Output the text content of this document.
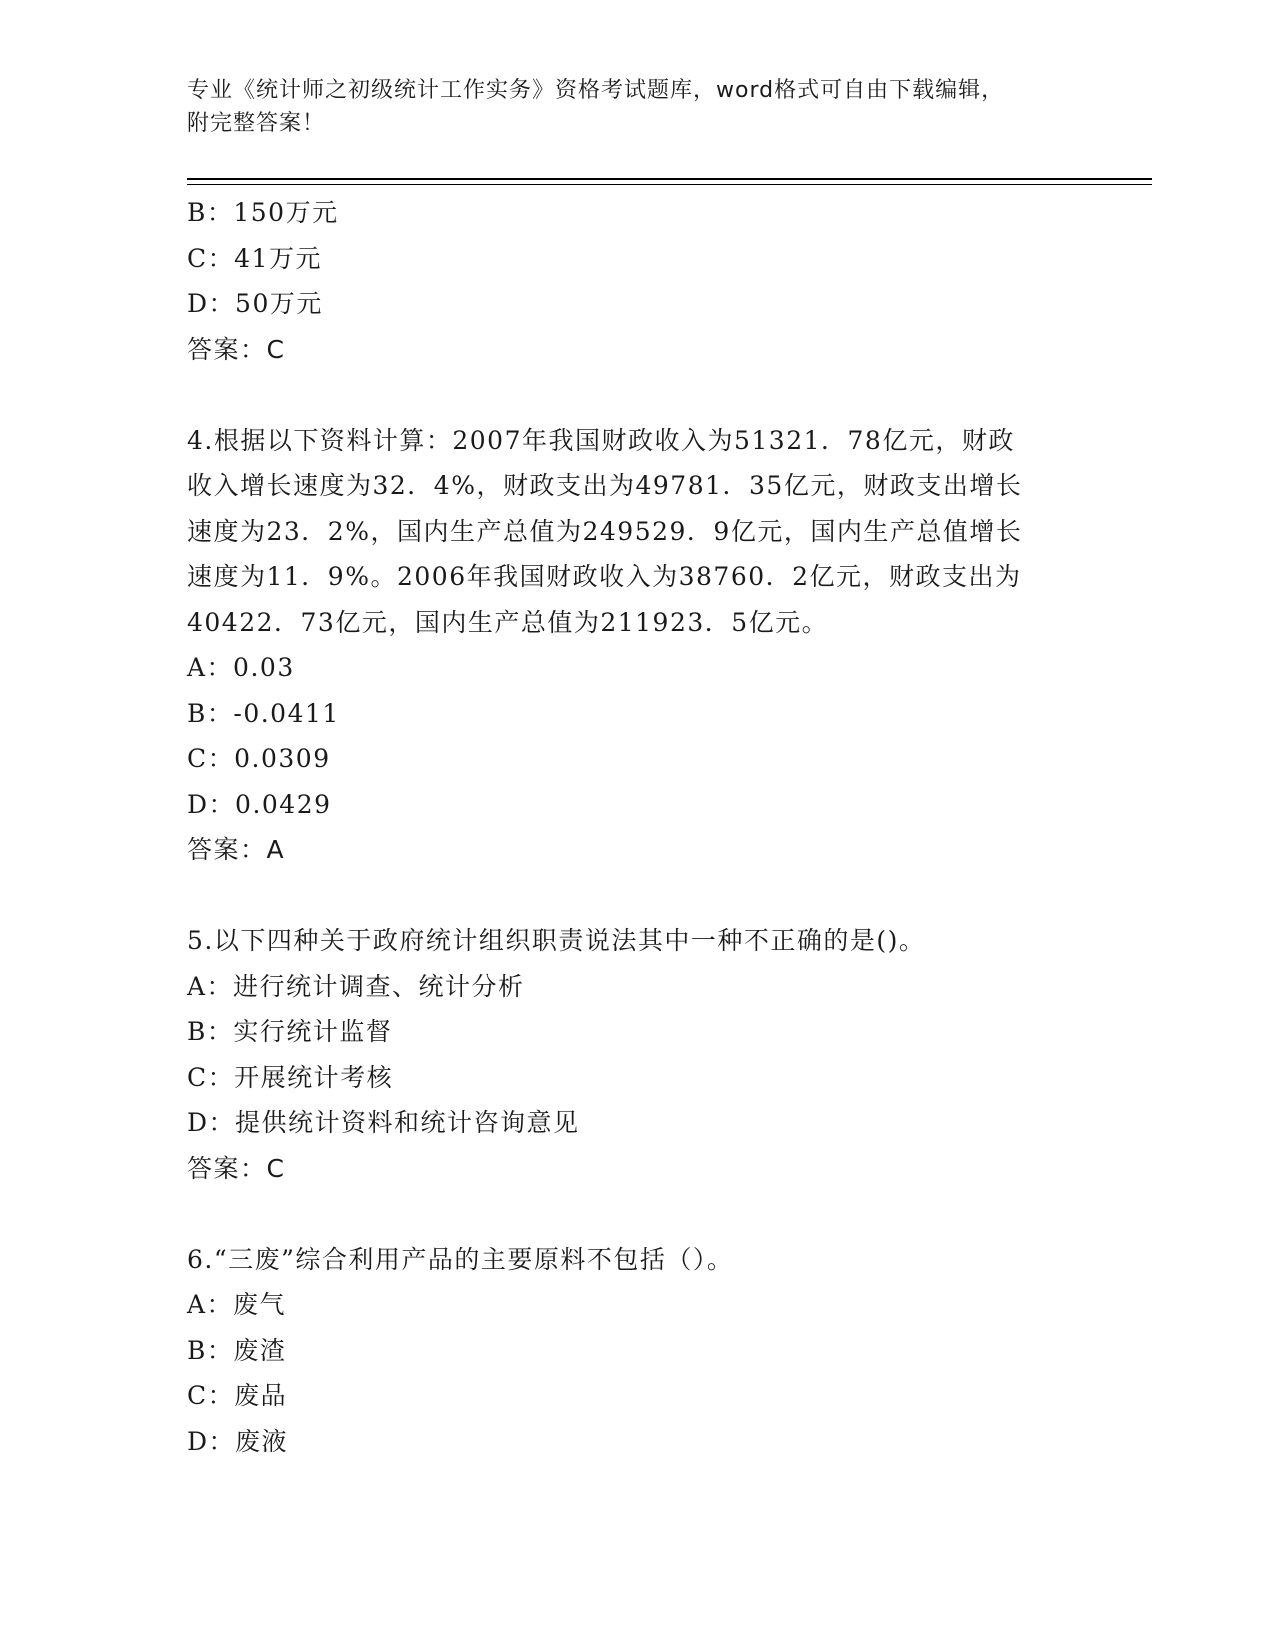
专业《统计师之初级统计工作实务》资格考试题库，word格式可自由下载编辑，
附完整答案！
B：150万元
C：41万元
D：50万元
答案：C
4.根据以下资料计算：2007年我国财政收入为51321．78亿元，财政
收入增长速度为32．4%，财政支出为49781．35亿元，财政支出增长
速度为23．2%，国内生产总值为249529．9亿元，国内生产总值增长
速度为11．9%。2006年我国财政收入为38760．2亿元，财政支出为
40422．73亿元，国内生产总值为211923．5亿元。
A：0.03
B：-0.0411
C：0.0309
D：0.0429
答案：A
5.以下四种关于政府统计组织职责说法其中一种不正确的是()。
A：进行统计调查、统计分析
B：实行统计监督
C：开展统计考核
D：提供统计资料和统计咨询意见
答案：C
6.“三废”综合利用产品的主要原料不包括（）。
A：废气
B：废渣
C：废品
D：废液
